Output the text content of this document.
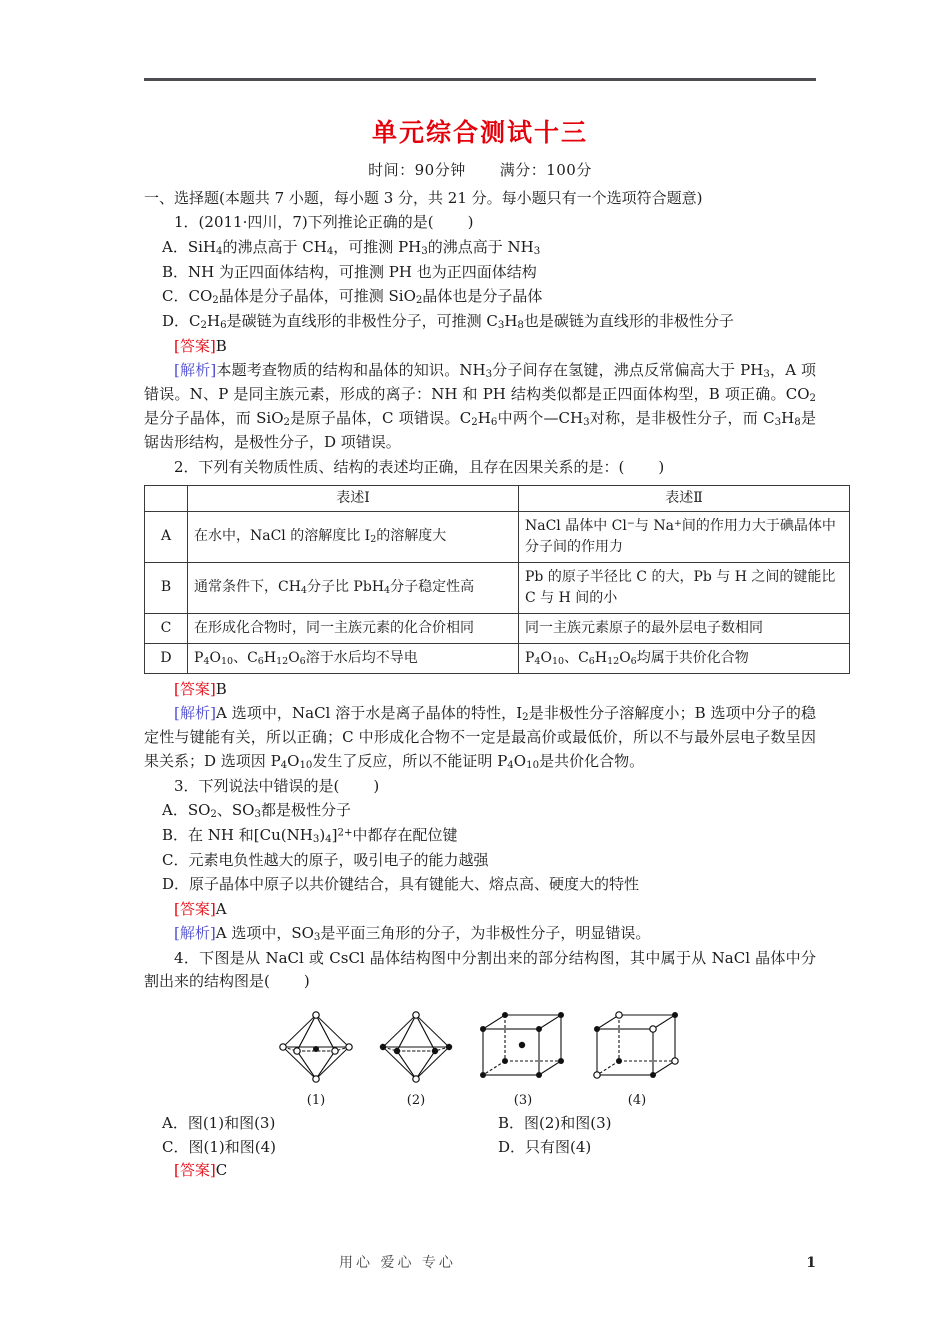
单元综合测试十三
时间：90分钟 满分：100分

一、选择题(本题共 7 小题，每小题 3 分，共 21 分。每小题只有一个选项符合题意)

1．(2011·四川，7)下列推论正确的是( )

A．SiH$_4$的沸点高于 $CH_4$，可推测 $PH_3$的沸点高于 $NH_3$

B．NH 为正四面体结构，可推测 PH 也为正四面体结构

C．$CO_2$晶体是分子晶体，可推测 SiO$_2$晶体也是分子晶体

D．$C_2H_6$是碳链为直线形的非极性分子，可推测 $C_3H_8$也是碳链为直线形的非极性分子

[答案]B

[解析]本题考查物质的结构和晶体的知识。$NH_3$分子间存在氢键，沸点反常偏高大于 $PH_3$，A 项错误。N、P 是同主族元素，形成的离子：NH 和 PH 结构类似都是正四面体构型，B 项正确。$CO_2$是分子晶体，而 SiO$_2$是原子晶体，C 项错误。$C_2H_6$中两个$—CH_3$对称，是非极性分子，而 $C_3H_8$是锯齿形结构，是极性分子，D 项错误。

2．下列有关物质性质、结构的表述均正确，且存在因果关系的是：( )

	表述Ⅰ	表述Ⅱ
A	在水中，NaCl 的溶解度比 $I_2$的溶解度大	NaCl 晶体中 Cl−与 Na+间的作用力大于碘晶体中分子间的作用力
B	通常条件下，$CH_4$分子比 PbH$_4$分子稳定性高	Pb 的原子半径比 C 的大，Pb 与 H 之间的键能比 C 与 H 间的小
C	在形成化合物时，同一主族元素的化合价相同	同一主族元素原子的最外层电子数相同
D	$P_4O_{10}$、$C_6H_{12}O_6$溶于水后均不导电	$P_4O_{10}$、$C_6H_{12}O_6$均属于共价化合物

[答案]B

[解析]A 选项中，NaCl 溶于水是离子晶体的特性，$I_2$是非极性分子溶解度小；B 选项中分子的稳定性与键能有关，所以正确；C 中形成化合物不一定是最高价或最低价，所以不与最外层电子数呈因果关系；D 选项因 $P_4O_{10}$发生了反应，所以不能证明 $P_4O_{10}$是共价化合物。

3．下列说法中错误的是( )

A．$SO_2$、$SO_3$都是极性分子

B．在 NH 和$[Cu(NH_3)_4]^{2+}$中都存在配位键

C．元素电负性越大的原子，吸引电子的能力越强

D．原子晶体中原子以共价键结合，具有键能大、熔点高、硬度大的特性

[答案]A

[解析]A 选项中，$SO_3$是平面三角形的分子，为非极性分子，明显错误。

4．下图是从 NaCl 或 CsCl 晶体结构图中分割出来的部分结构图，其中属于从 NaCl 晶体中分割出来的结构图是( )

(1)	(2)	(3)	(4)
A．图(1)和图(3)	B．图(2)和图(3)
C．图(1)和图(4)	D．只有图(4)

[答案]C

用心 爱心 专心	1
